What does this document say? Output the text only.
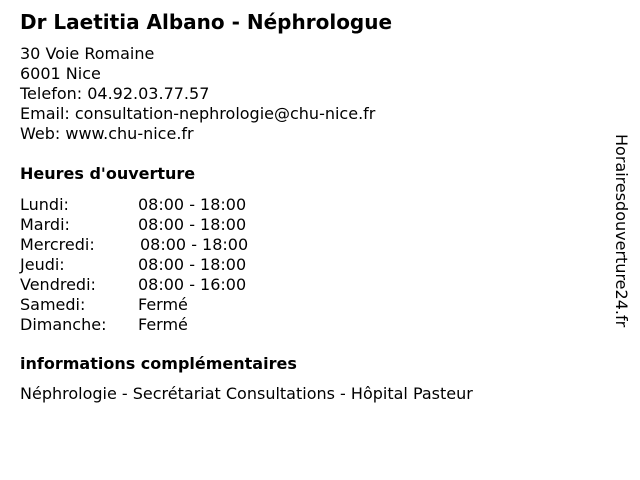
Dr Laetitia Albano - Néphrologue
30 Voie Romaine
6001 Nice
Telefon: 04.92.03.77.57
Email: consultation-nephrologie@chu-nice.fr
Web: www.chu-nice.fr
Heures d'ouverture
Lundi:	08:00 - 18:00
Mardi:	08:00 - 18:00
Mercredi:	08:00 - 18:00
Jeudi:	08:00 - 18:00
Vendredi:	08:00 - 16:00
Samedi:	Fermé
Dimanche: Fermé
informations complémentaires
Néphrologie - Secrétariat Consultations - Hôpital Pasteur
Horairesdouverture24.fr
